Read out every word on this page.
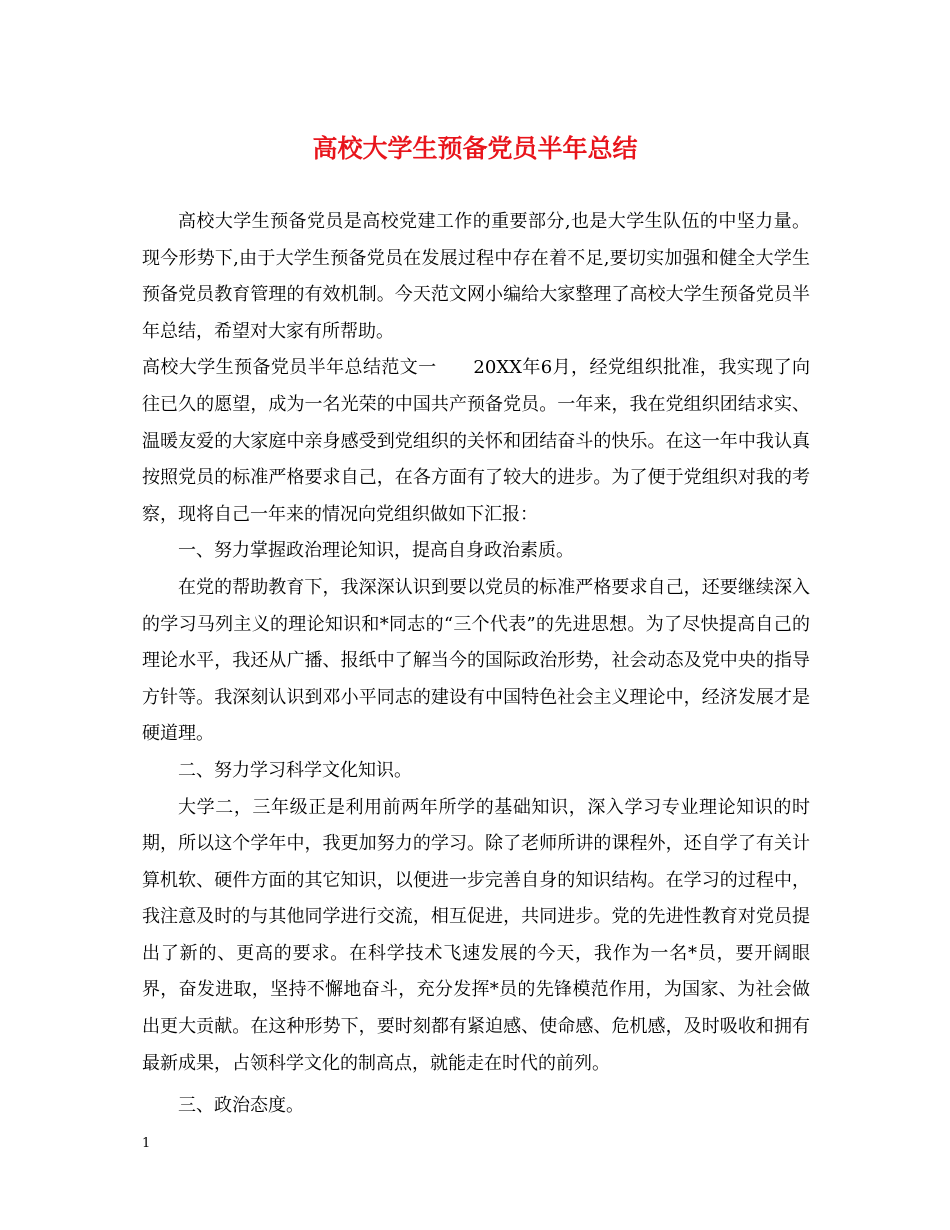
高校大学生预备党员半年总结
高校大学生预备党员是高校党建工作的重要部分,也是大学生队伍的中坚力量。现今形势下,由于大学生预备党员在发展过程中存在着不足,要切实加强和健全大学生预备党员教育管理的有效机制。今天范文网小编给大家整理了高校大学生预备党员半年总结，希望对大家有所帮助。
高校大学生预备党员半年总结范文一　　20XX年6月，经党组织批准，我实现了向往已久的愿望，成为一名光荣的中国共产预备党员。一年来，我在党组织团结求实、温暖友爱的大家庭中亲身感受到党组织的关怀和团结奋斗的快乐。在这一年中我认真按照党员的标准严格要求自己，在各方面有了较大的进步。为了便于党组织对我的考察，现将自己一年来的情况向党组织做如下汇报：
一、努力掌握政治理论知识，提高自身政治素质。
在党的帮助教育下，我深深认识到要以党员的标准严格要求自己，还要继续深入的学习马列主义的理论知识和*同志的“三个代表”的先进思想。为了尽快提高自己的理论水平，我还从广播、报纸中了解当今的国际政治形势，社会动态及党中央的指导方针等。我深刻认识到邓小平同志的建设有中国特色社会主义理论中，经济发展才是硬道理。
二、努力学习科学文化知识。
大学二，三年级正是利用前两年所学的基础知识，深入学习专业理论知识的时期，所以这个学年中，我更加努力的学习。除了老师所讲的课程外，还自学了有关计算机软、硬件方面的其它知识，以便进一步完善自身的知识结构。在学习的过程中，我注意及时的与其他同学进行交流，相互促进，共同进步。党的先进性教育对党员提出了新的、更高的要求。在科学技术飞速发展的今天，我作为一名*员，要开阔眼界，奋发进取，坚持不懈地奋斗，充分发挥*员的先锋模范作用，为国家、为社会做出更大贡献。在这种形势下，要时刻都有紧迫感、使命感、危机感，及时吸收和拥有最新成果，占领科学文化的制高点，就能走在时代的前列。
三、政治态度。
1
